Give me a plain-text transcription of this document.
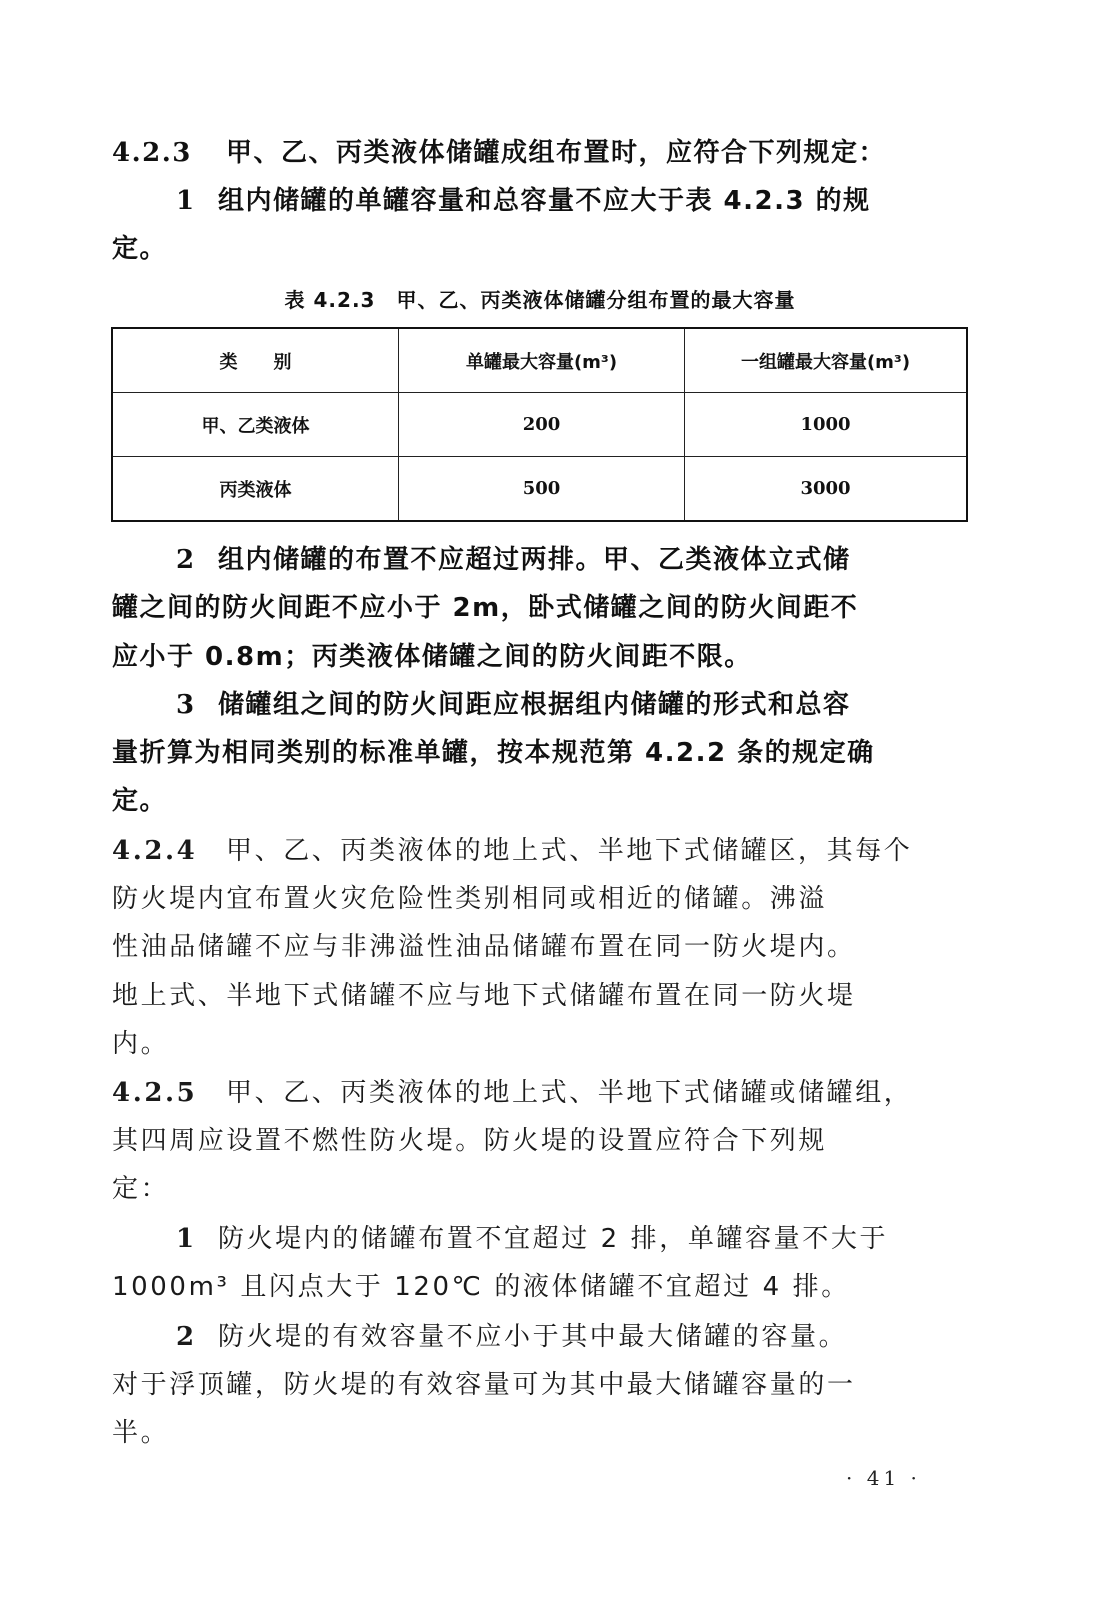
4.2.3 甲、乙、丙类液体储罐成组布置时，应符合下列规定：
1 组内储罐的单罐容量和总容量不应大于表 4.2.3 的规
定。
表 4.2.3　甲、乙、丙类液体储罐分组布置的最大容量
类　　别	单罐最大容量(m³)	一组罐最大容量(m³)
甲、乙类液体	200	1000
丙类液体	500	3000
2 组内储罐的布置不应超过两排。甲、乙类液体立式储
罐之间的防火间距不应小于 2m，卧式储罐之间的防火间距不
应小于 0.8m；丙类液体储罐之间的防火间距不限。
3 储罐组之间的防火间距应根据组内储罐的形式和总容
量折算为相同类别的标准单罐，按本规范第 4.2.2 条的规定确
定。
4.2.4 甲、乙、丙类液体的地上式、半地下式储罐区，其每个
防火堤内宜布置火灾危险性类别相同或相近的储罐。沸溢
性油品储罐不应与非沸溢性油品储罐布置在同一防火堤内。
地上式、半地下式储罐不应与地下式储罐布置在同一防火堤
内。
4.2.5 甲、乙、丙类液体的地上式、半地下式储罐或储罐组，
其四周应设置不燃性防火堤。防火堤的设置应符合下列规
定：
1 防火堤内的储罐布置不宜超过 2 排，单罐容量不大于
1000m³ 且闪点大于 120℃ 的液体储罐不宜超过 4 排。
2 防火堤的有效容量不应小于其中最大储罐的容量。
对于浮顶罐，防火堤的有效容量可为其中最大储罐容量的一
半。
· 41 ·
